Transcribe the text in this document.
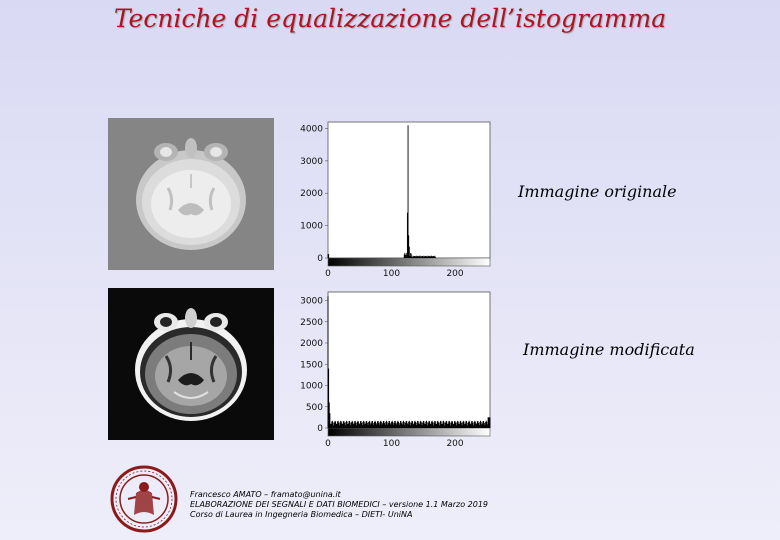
Tecniche di equalizzazione dell’istogramma
4000
3000
2000
1000
0
0	100	200
3000
2500
2000
1500
1000
500
0
0	100	200
Immagine originale
Immagine modificata
Francesco AMATO – framato@unina.it
ELABORAZIONE DEI SEGNALI E DATI BIOMEDICI – versione 1.1 Marzo 2019
Corso di Laurea in Ingegneria Biomedica – DIETI- UniNA
